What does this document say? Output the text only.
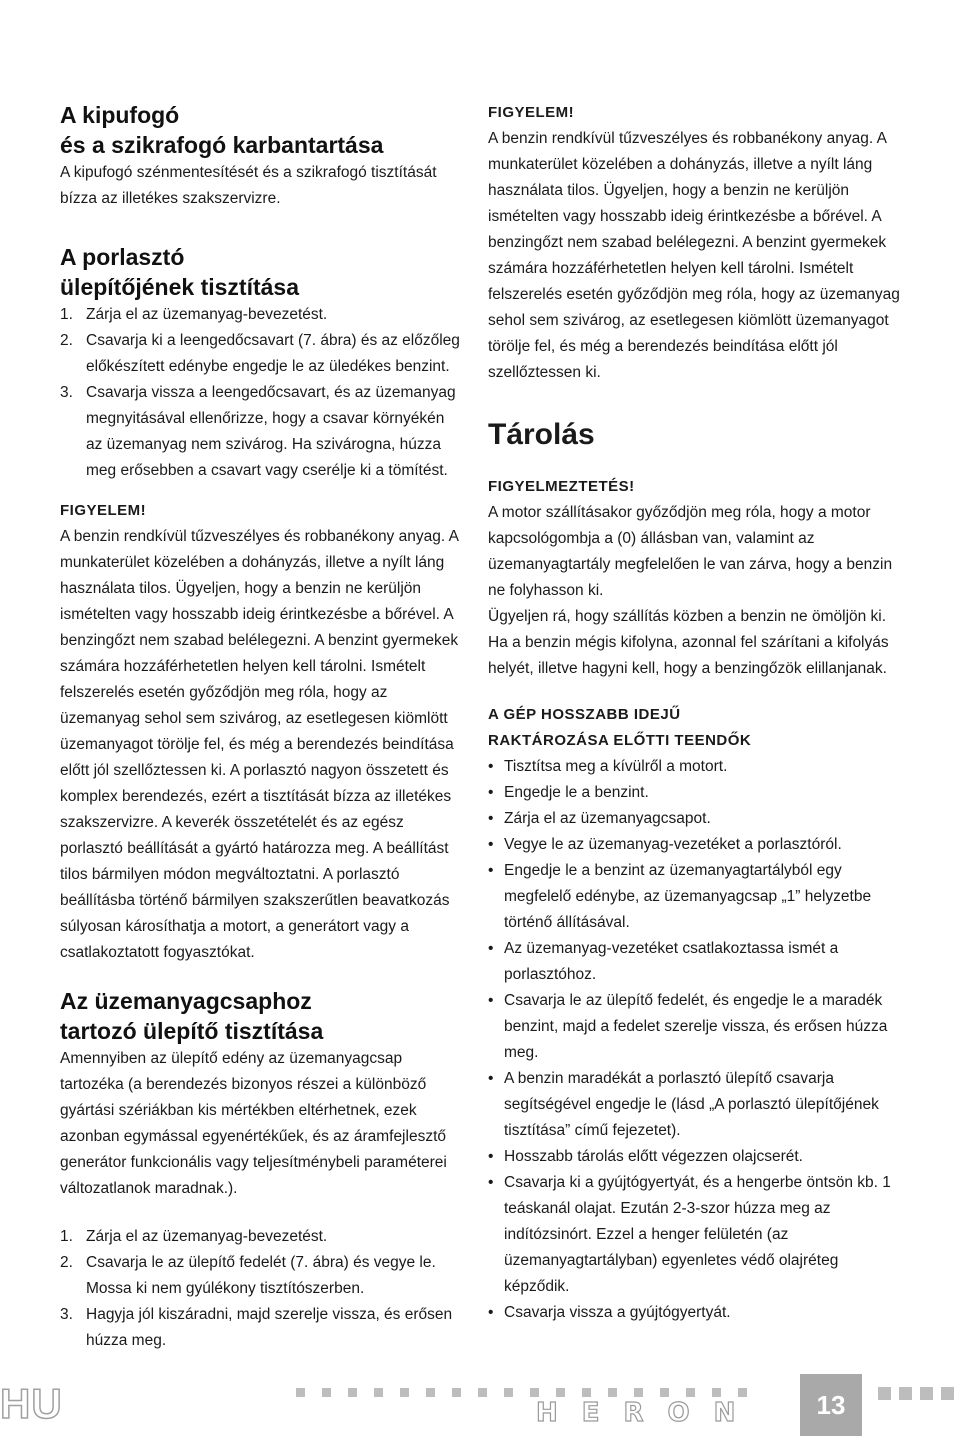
A kipufogó
és a szikrafogó karbantartása

A kipufogó szénmentesítését és a szikrafogó tisztítását bízza az illetékes szakszervizre.

A porlasztó
ülepítőjének tisztítása
1. Zárja el az üzemanyag-bevezetést.
2. Csavarja ki a leengedőcsavart (7. ábra) és az előzőleg előkészített edénybe engedje le az üledékes benzint.
3. Csavarja vissza a leengedőcsavart, és az üzemanyag megnyitásával ellenőrizze, hogy a csavar környékén az üzemanyag nem szivárog. Ha szivárogna, húzza meg erősebben a csavart vagy cserélje ki a tömítést.

FIGYELEM!

A benzin rendkívül tűzveszélyes és robbanékony anyag. A munkaterület közelében a dohányzás, illetve a nyílt láng használata tilos. Ügyeljen, hogy a benzin ne kerüljön ismételten vagy hosszabb ideig érintkezésbe a bőrével. A benzingőzt nem szabad belélegezni. A benzint gyermekek számára hozzáférhetetlen helyen kell tárolni. Ismételt felszerelés esetén győződjön meg róla, hogy az üzemanyag sehol sem szivárog, az esetlegesen kiömlött üzemanyagot törölje fel, és még a berendezés beindítása előtt jól szellőztessen ki. A porlasztó nagyon összetett és komplex berendezés, ezért a tisztítását bízza az illetékes szakszervizre. A keverék összetételét és az egész porlasztó beállítását a gyártó határozza meg. A beállítást tilos bármilyen módon megváltoztatni. A porlasztó beállításba történő bármilyen szakszerűtlen beavatkozás súlyosan károsíthatja a motort, a generátort vagy a csatlakoztatott fogyasztókat.

Az üzemanyagcsaphoz
tartozó ülepítő tisztítása

Amennyiben az ülepítő edény az üzemanyagcsap tartozéka (a berendezés bizonyos részei a különböző gyártási szériákban kis mértékben eltérhetnek, ezek azonban egymással egyenértékűek, és az áramfejlesztő generátor funkcionális vagy teljesítménybeli paraméterei változatlanok maradnak.).

1. Zárja el az üzemanyag-bevezetést.
2. Csavarja le az ülepítő fedelét (7. ábra) és vegye le. Mossa ki nem gyúlékony tisztítószerben.
3. Hagyja jól kiszáradni, majd szerelje vissza, és erősen húzza meg.

FIGYELEM!

A benzin rendkívül tűzveszélyes és robbanékony anyag. A munkaterület közelében a dohányzás, illetve a nyílt láng használata tilos. Ügyeljen, hogy a benzin ne kerüljön ismételten vagy hosszabb ideig érintkezésbe a bőrével. A benzingőzt nem szabad belélegezni. A benzint gyermekek számára hozzáférhetetlen helyen kell tárolni. Ismételt felszerelés esetén győződjön meg róla, hogy az üzemanyag sehol sem szivárog, az esetlegesen kiömlött üzemanyagot törölje fel, és még a berendezés beindítása előtt jól szellőztessen ki.

Tárolás

FIGYELMEZTETÉS!

A motor szállításakor győződjön meg róla, hogy a motor kapcsológombja a (0) állásban van, valamint az üzemanyagtartály megfelelően le van zárva, hogy a benzin ne folyhasson ki.

Ügyeljen rá, hogy szállítás közben a benzin ne ömöljön ki. Ha a benzin mégis kifolyna, azonnal fel szárítani a kifolyás helyét, illetve hagyni kell, hogy a benzingőzök elillanjanak.

A GÉP HOSSZABB IDEJŰ

RAKTÁROZÁSA ELŐTTI TEENDŐK

• Tisztítsa meg a kívülről a motort.
• Engedje le a benzint.
• Zárja el az üzemanyagcsapot.
• Vegye le az üzemanyag-vezetéket a porlasztóról.
• Engedje le a benzint az üzemanyagtartályból egy megfelelő edénybe, az üzemanyagcsap „1” helyzetbe történő állításával.
• Az üzemanyag-vezetéket csatlakoztassa ismét a porlasztóhoz.
• Csavarja le az ülepítő fedelét, és engedje le a maradék benzint, majd a fedelet szerelje vissza, és erősen húzza meg.
• A benzin maradékát a porlasztó ülepítő csavarja segítségével engedje le (lásd „A porlasztó ülepítőjének tisztítása” című fejezetet).
• Hosszabb tárolás előtt végezzen olajcserét.
• Csavarja ki a gyújtógyertyát, és a hengerbe öntsön kb. 1 teáskanál olajat. Ezután 2-3-szor húzza meg az indítózsinórt. Ezzel a henger felületén (az üzemanyagtartályban) egyenletes védő olajréteg képződik.
• Csavarja vissza a gyújtógyertyát.
HU	HERON	13
